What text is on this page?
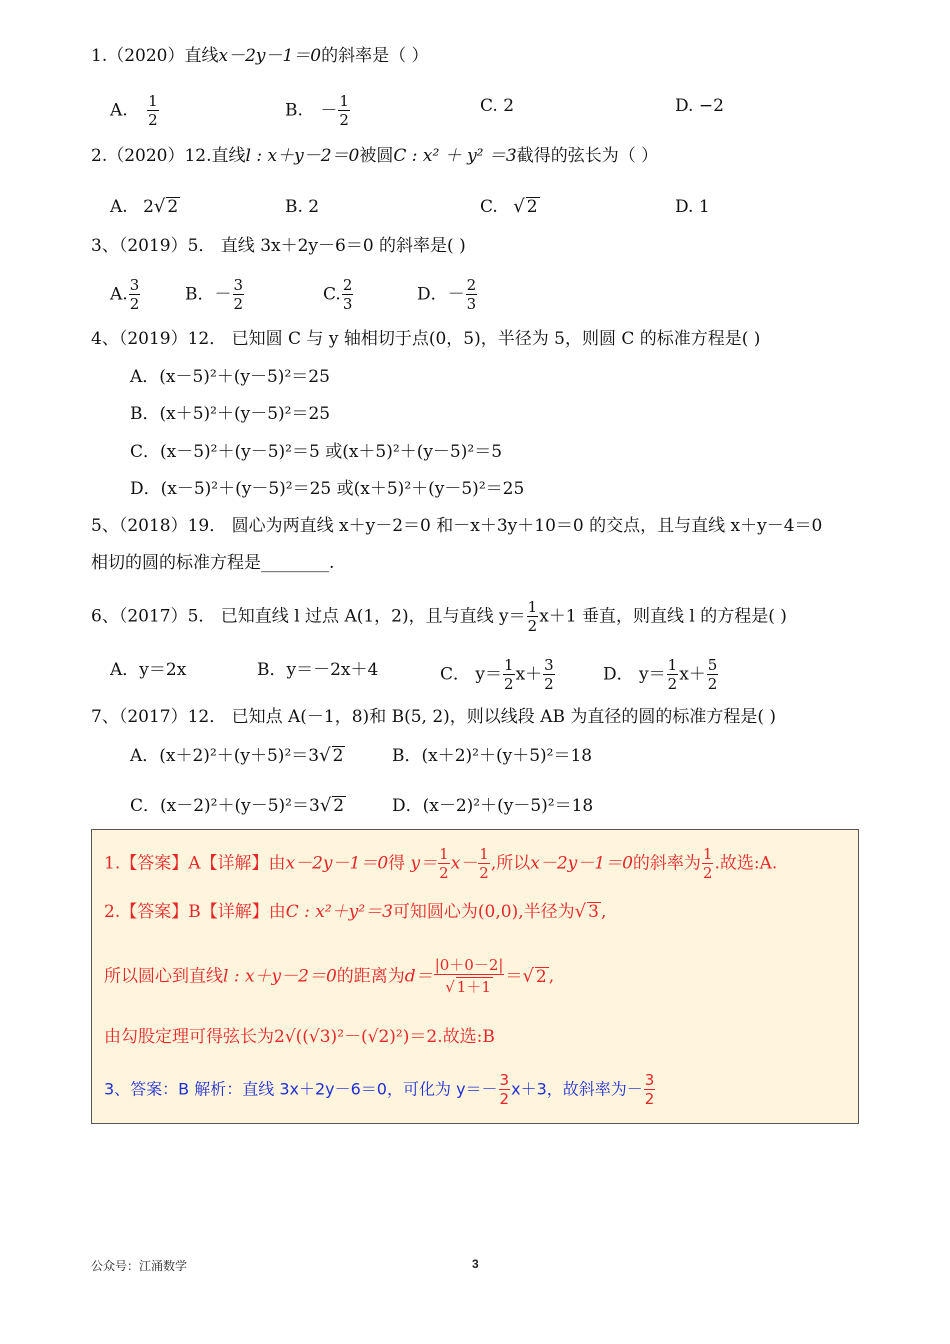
1.（2020）直线x－2y－1＝0的斜率是（ ）
A. $\frac{1}{2}$	B. － $\frac{1}{2}$	C. 2	D. −2
2.（2020）12.直线l : x＋y－2＝0被圆C : x² ＋ y² ＝3截得的弦长为（ ）
A. 2√ 2	B. 2	C. √ 2	D. 1
3、（2019）5． 直线 3x＋2y－6＝0 的斜率是( )
A. $\frac{3}{2}$	B．－ $\frac{3}{2}$	C. $\frac{2}{3}$	D．－ $\frac{2}{3}$
4、（2019）12． 已知圆 C 与 y 轴相切于点(0，5)，半径为 5，则圆 C 的标准方程是( )
A．(x－5)²＋(y－5)²＝25
B．(x＋5)²＋(y－5)²＝25
C．(x－5)²＋(y－5)²＝5 或(x＋5)²＋(y－5)²＝5
D．(x－5)²＋(y－5)²＝25 或(x＋5)²＋(y－5)²＝25
5、（2018）19． 圆心为两直线 x＋y－2＝0 和－x＋3y＋10＝0 的交点，且与直线 x＋y－4＝0
相切的圆的标准方程是________.
6、（2017）5． 已知直线 l 过点 A(1，2)，且与直线 $y= \frac{1}{2} x+1$ 垂直，则直线 l 的方程是( )
A．y＝2x	B．y＝－2x＋4	C． $y= \frac{1}{2} x+ \frac{3}{2}$	D． $y= \frac{1}{2} x+ \frac{5}{2}$
7、（2017）12． 已知点 A(－1，8)和 B(5, 2)，则以线段 AB 为直径的圆的标准方程是( )
A．(x＋2)²＋(y＋5)²＝3√ 2	B．(x＋2)²＋(y＋5)²＝18
C．(x－2)²＋(y－5)²＝3√ 2	D．(x－2)²＋(y－5)²＝18
1.【答案】A【详解】由x－2y－1＝0得 $y= \frac{1}{2} x- \frac{1}{2}$ ,所以x－2y－1＝0的斜率为 $\frac{1}{2}$ .故选:A.
2.【答案】B【详解】由C : x²＋y²＝3可知圆心为(0,0),半径为√ 3 ,
所以圆心到直线l : x＋y－2＝0的距离为$d= \frac{|0+0-2|}{√ 1+1}$ ＝√ 2 ,
由勾股定理可得弦长为2√((√3)²－(√2)²)＝2.故选:B
3、答案：B 解析：直线 3x＋2y－6＝0，可化为 $y=- \frac{3}{2} x+3$，故斜率为－ $\frac{3}{2}$
公众号：江涌数学	3
